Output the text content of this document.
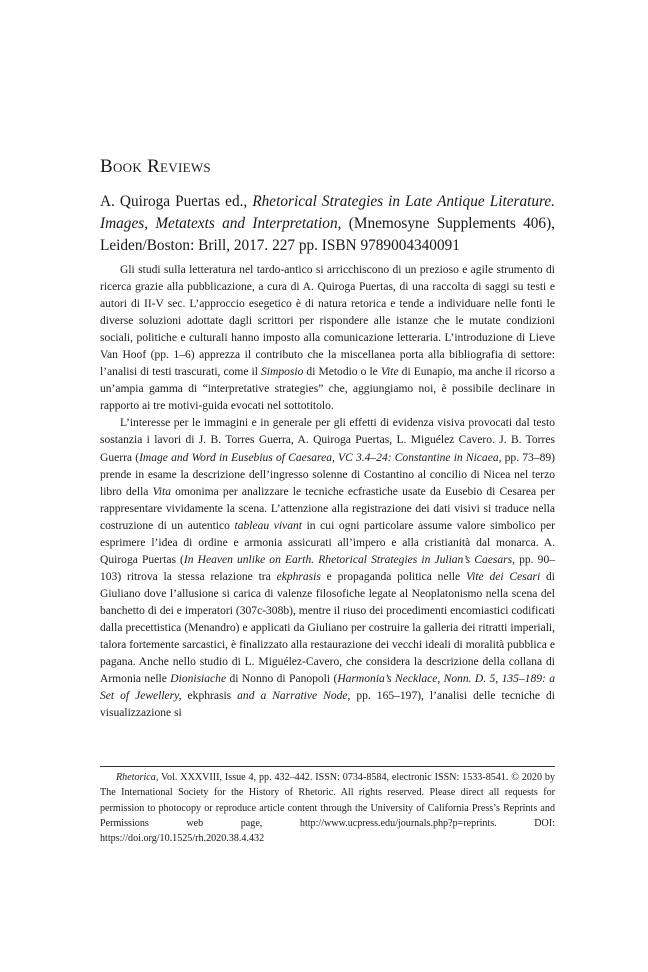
Book Reviews
A. Quiroga Puertas ed., Rhetorical Strategies in Late Antique Literature. Images, Metatexts and Interpretation, (Mnemosyne Supplements 406), Leiden/Boston: Brill, 2017. 227 pp. ISBN 9789004340091

Gli studi sulla letteratura nel tardo-antico si arricchiscono di un prezioso e agile strumento di ricerca grazie alla pubblicazione, a cura di A. Quiroga Puertas, di una raccolta di saggi su testi e autori di II-V sec. L’approccio esegetico è di natura retorica e tende a individuare nelle fonti le diverse soluzioni adottate dagli scrittori per rispondere alle istanze che le mutate condizioni sociali, politiche e culturali hanno imposto alla comunicazione letteraria. L’introduzione di Lieve Van Hoof (pp. 1–6) apprezza il contributo che la miscellanea porta alla bibliografia di settore: l’analisi di testi trascurati, come il Simposio di Metodio o le Vite di Eunapio, ma anche il ricorso a un’ampia gamma di “interpretative strategies” che, aggiungiamo noi, è possibile declinare in rapporto ai tre motivi-guida evocati nel sottotitolo.

L’interesse per le immagini e in generale per gli effetti di evidenza visiva provocati dal testo sostanzia i lavori di J. B. Torres Guerra, A. Quiroga Puertas, L. Miguélez Cavero. J. B. Torres Guerra (Image and Word in Eusebius of Caesarea, VC 3.4–24: Constantine in Nicaea, pp. 73–89) prende in esame la descrizione dell’ingresso solenne di Costantino al concilio di Nicea nel terzo libro della Vita omonima per analizzare le tecniche ecfrastiche usate da Eusebio di Cesarea per rappresentare vividamente la scena. L’attenzione alla registrazione dei dati visivi si traduce nella costruzione di un autentico tableau vivant in cui ogni particolare assume valore simbolico per esprimere l’idea di ordine e armonia assicurati all’impero e alla cristianità dal monarca. A. Quiroga Puertas (In Heaven unlike on Earth. Rhetorical Strategies in Julian’s Caesars, pp. 90–103) ritrova la stessa relazione tra ekphrasis e propaganda politica nelle Vite dei Cesari di Giuliano dove l’allusione si carica di valenze filosofiche legate al Neoplatonismo nella scena del banchetto di dei e imperatori (307c-308b), mentre il riuso dei procedimenti encomiastici codificati dalla precettistica (Menandro) e applicati da Giuliano per costruire la galleria dei ritratti imperiali, talora fortemente sarcastici, è finalizzato alla restaurazione dei vecchi ideali di moralità pubblica e pagana. Anche nello studio di L. Miguélez-Cavero, che considera la descrizione della collana di Armonia nelle Dionisiache di Nonno di Panopoli (Harmonia’s Necklace, Nonn. D. 5, 135–189: a Set of Jewellery, ekphrasis and a Narrative Node, pp. 165–197), l’analisi delle tecniche di visualizzazione si

Rhetorica, Vol. XXXVIII, Issue 4, pp. 432–442. ISSN: 0734-8584, electronic ISSN: 1533-8541. © 2020 by The International Society for the History of Rhetoric. All rights reserved. Please direct all requests for permission to photocopy or reproduce article content through the University of California Press’s Reprints and Permissions web page, http://www.ucpress.edu/journals.php?p=reprints. DOI: https://doi.org/10.1525/rh.2020.38.4.432
